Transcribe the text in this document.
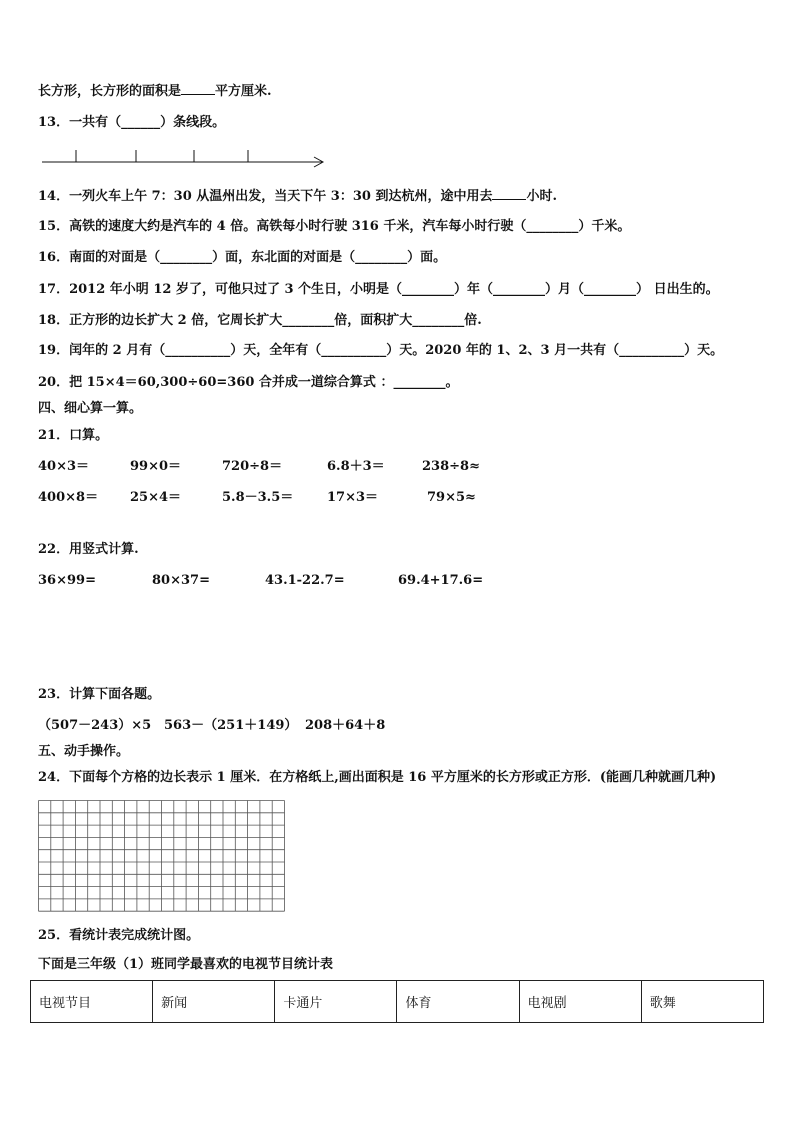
长方形，长方形的面积是	平方厘米.
13．一共有（______）条线段。
14．一列火车上午 7：30 从温州出发，当天下午 3：30 到达杭州，途中用去	小时.
15．高铁的速度大约是汽车的 4 倍。高铁每小时行驶 316 千米，汽车每小时行驶（________）千米。
16．南面的对面是（________）面，东北面的对面是（________）面。
17．2012 年小明 12 岁了，可他只过了 3 个生日，小明是（________）年（________）月（________） 日出生的。
18．正方形的边长扩大 2 倍，它周长扩大________倍，面积扩大________倍.
19．闰年的 2 月有（__________）天，全年有（__________）天。2020 年的 1、2、3 月一共有（__________）天。
20．把 15×4＝60,300÷60=360 合并成一道综合算式 ：________。
四、细心算一算。
21．口算。
40×3＝	99×0＝	720÷8＝	6.8＋3＝	238÷8≈
400×8＝ 25×4＝	5.8－3.5＝	17×3＝	79×5≈
22．用竖式计算.
36×99=	80×37=	43.1-22.7=	69.4+17.6=
23．计算下面各题。
（507－243）×5 563－（251＋149） 208＋64＋8
五、动手操作。
24．下面每个方格的边长表示 1 厘米．在方格纸上,画出面积是 16 平方厘米的长方形或正方形．(能画几种就画几种)
25．看统计表完成统计图。
下面是三年级（1）班同学最喜欢的电视节目统计表
电视节目	新闻	卡通片	体育	电视剧	歌舞
